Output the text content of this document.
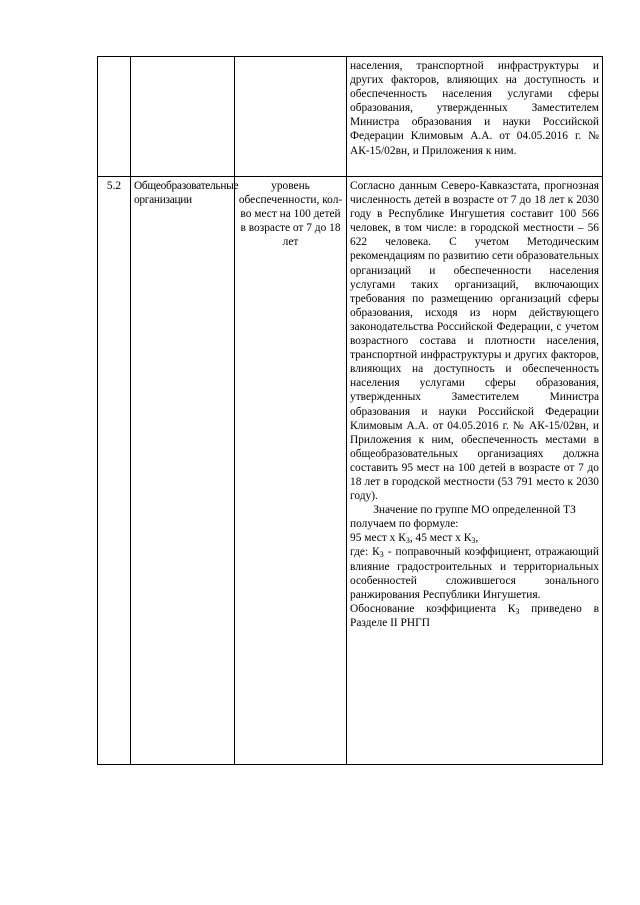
			населения, транспортной инфраструктуры и других факторов, влияющих на доступность и обеспеченность населения услугами сферы образования, утвержденных Заместителем Министра образования и науки Российской Федерации Климовым А.А. от 04.05.2016 г. № АК-15/02вн, и Приложения к ним.

5.2	Общеобразовательные организации	уровень обеспеченности, кол-во мест на 100 детей в возрасте от 7 до 18 лет	Согласно данным Северо-Кавказстата, прогнозная численность детей в возрасте от 7 до 18 лет к 2030 году в Республике Ингушетия составит 100 566 человек, в том числе: в городской местности – 56 622 человека. С учетом Методическим рекомендациям по развитию сети образовательных организаций и обеспеченности населения услугами таких организаций, включающих требования по размещению организаций сферы образования, исходя из норм действующего законодательства Российской Федерации, с учетом возрастного состава и плотности населения, транспортной инфраструктуры и других факторов, влияющих на доступность и обеспеченность населения услугами сферы образования, утвержденных Заместителем Министра образования и науки Российской Федерации Климовым А.А. от 04.05.2016 г. № АК-15/02вн, и Приложения к ним, обеспеченность местами в общеобразовательных организациях должна составить 95 мест на 100 детей в возрасте от 7 до 18 лет в городской местности (53 791 место к 2030 году).

Значение по группе МО определенной ТЗ получаем по формуле:
95 мест х $К_3$, 45 мест х $К_3$,

где: $К_3$ - поправочный коэффициент, отражающий влияние градостроительных и территориальных особенностей сложившегося зонального ранжирования Республики Ингушетия.

Обоснование коэффициента $К_3$ приведено в Разделе II РНГП
